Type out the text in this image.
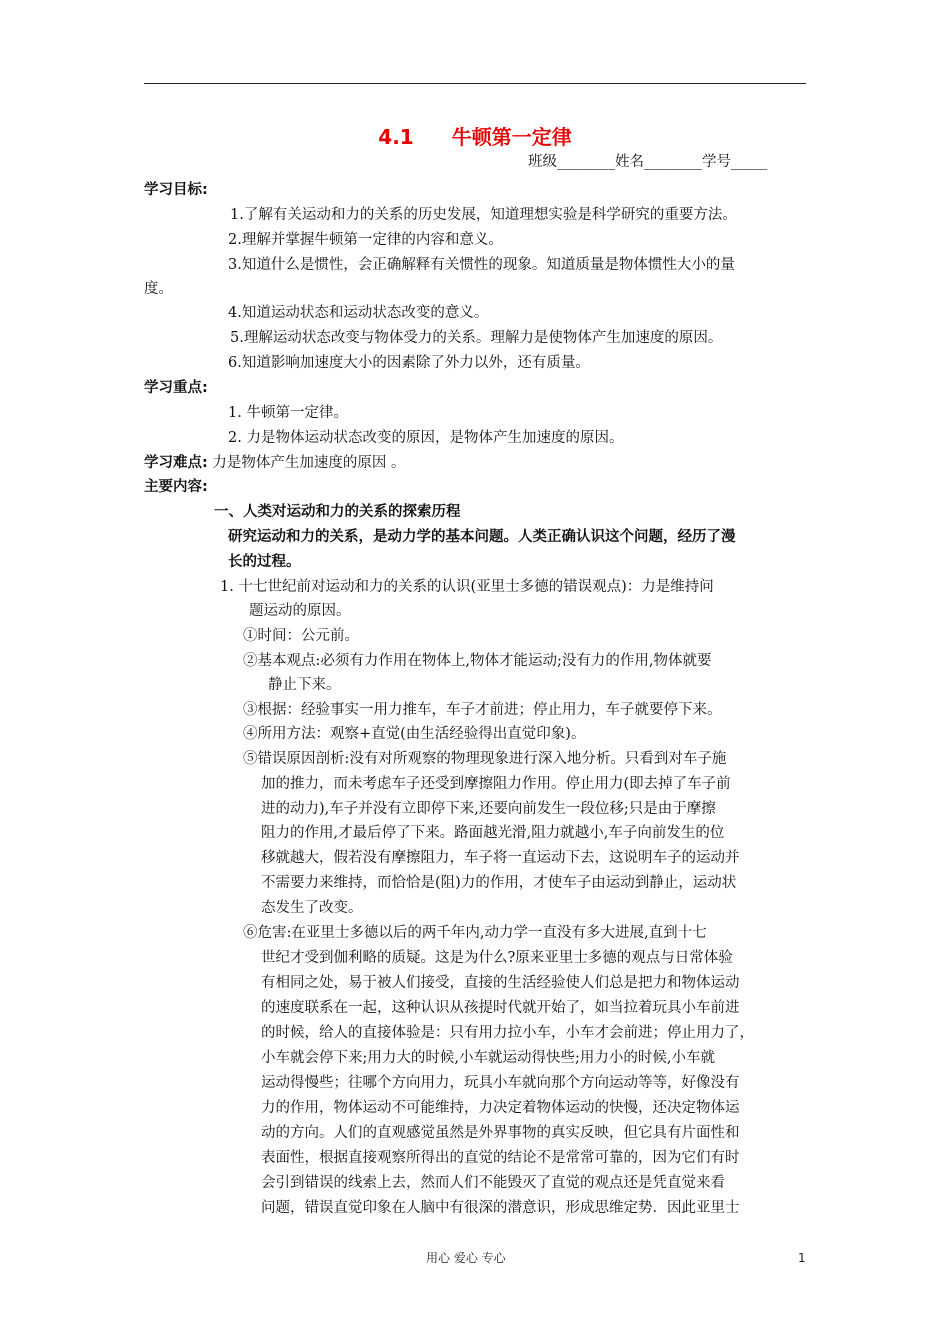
4.1 牛顿第一定律
班级________姓名________学号_____
学习目标:
1.了解有关运动和力的关系的历史发展，知道理想实验是科学研究的重要方法。
2.理解并掌握牛顿第一定律的内容和意义。
3.知道什么是惯性，会正确解释有关惯性的现象。知道质量是物体惯性大小的量
度。
4.知道运动状态和运动状态改变的意义。
5.理解运动状态改变与物体受力的关系。理解力是使物体产生加速度的原因。
6.知道影响加速度大小的因素除了外力以外，还有质量。
学习重点:
1. 牛顿第一定律。
2. 力是物体运动状态改变的原因，是物体产生加速度的原因。
学习难点: 力是物体产生加速度的原因 。
主要内容:
一、人类对运动和力的关系的探索历程
研究运动和力的关系，是动力学的基本问题。人类正确认识这个问题，经历了漫
长的过程。
1. 十七世纪前对运动和力的关系的认识(亚里士多德的错误观点)：力是维持问
题运动的原因。
①时间：公元前。
②基本观点:必须有力作用在物体上,物体才能运动;没有力的作用,物体就要
静止下来。
③根据：经验事实一用力推车，车子才前进；停止用力，车子就要停下来。
④所用方法：观察+直觉(由生活经验得出直觉印象)。
⑤错误原因剖析:没有对所观察的物理现象进行深入地分析。只看到对车子施
加的推力，而未考虑车子还受到摩擦阻力作用。停止用力(即去掉了车子前
进的动力),车子并没有立即停下来,还要向前发生一段位移;只是由于摩擦
阻力的作用,才最后停了下来。路面越光滑,阻力就越小,车子向前发生的位
移就越大，假若没有摩擦阻力，车子将一直运动下去，这说明车子的运动并
不需要力来维持，而恰恰是(阻)力的作用，才使车子由运动到静止，运动状
态发生了改变。
⑥危害:在亚里士多德以后的两千年内,动力学一直没有多大进展,直到十七
世纪才受到伽利略的质疑。这是为什么?原来亚里士多德的观点与日常体验
有相同之处，易于被人们接受，直接的生活经验使人们总是把力和物体运动
的速度联系在一起，这种认识从孩提时代就开始了，如当拉着玩具小车前进
的时候，给人的直接体验是：只有用力拉小车，小车才会前进；停止用力了，
小车就会停下来;用力大的时候,小车就运动得快些;用力小的时候,小车就
运动得慢些；往哪个方向用力，玩具小车就向那个方向运动等等，好像没有
力的作用，物体运动不可能维持，力决定着物体运动的快慢，还决定物体运
动的方向。人们的直观感觉虽然是外界事物的真实反映，但它具有片面性和
表面性，根据直接观察所得出的直觉的结论不是常常可靠的，因为它们有时
会引到错误的线索上去，然而人们不能毁灭了直觉的观点还是凭直觉来看
问题，错误直觉印象在人脑中有很深的潜意识，形成思维定势．因此亚里士
用心 爱心 专心	1
